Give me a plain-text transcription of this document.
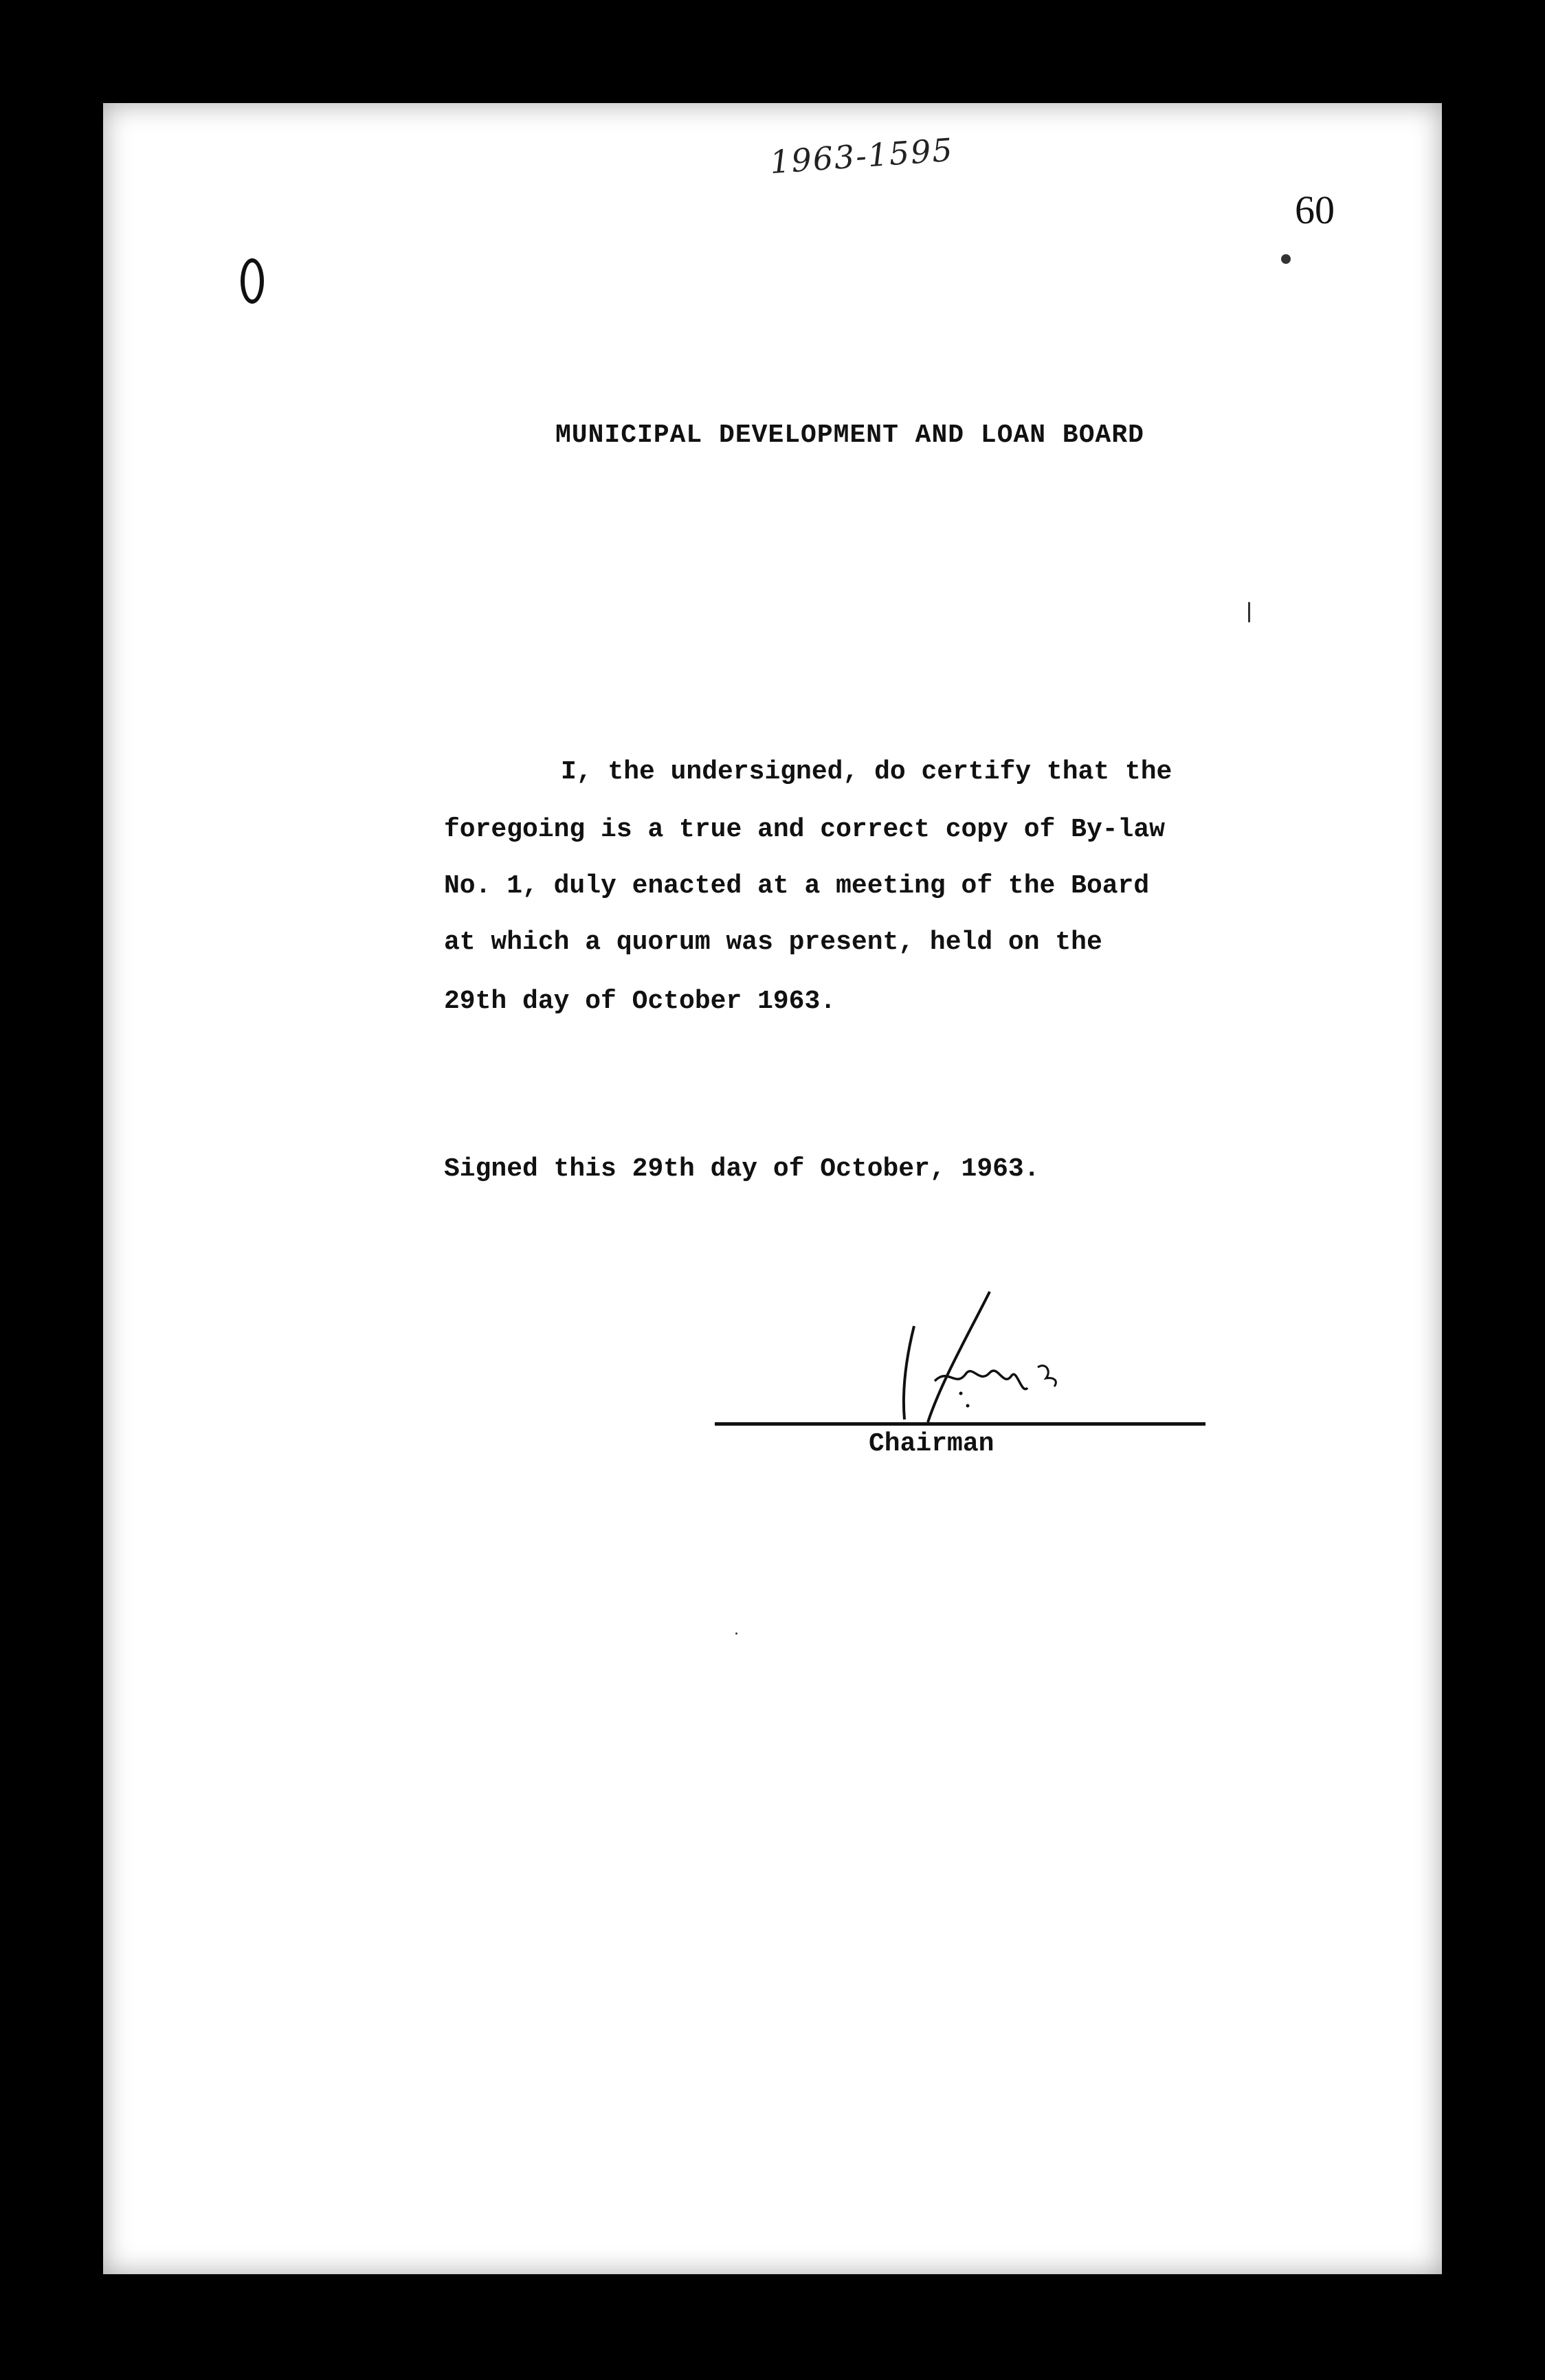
1963-1595
60
MUNICIPAL DEVELOPMENT AND LOAN BOARD
I, the undersigned, do certify that the
foregoing is a true and correct copy of By-law
No. 1, duly enacted at a meeting of the Board
at which a quorum was present, held on the
29th day of October 1963.
Signed this 29th day of October, 1963.
Chairman
